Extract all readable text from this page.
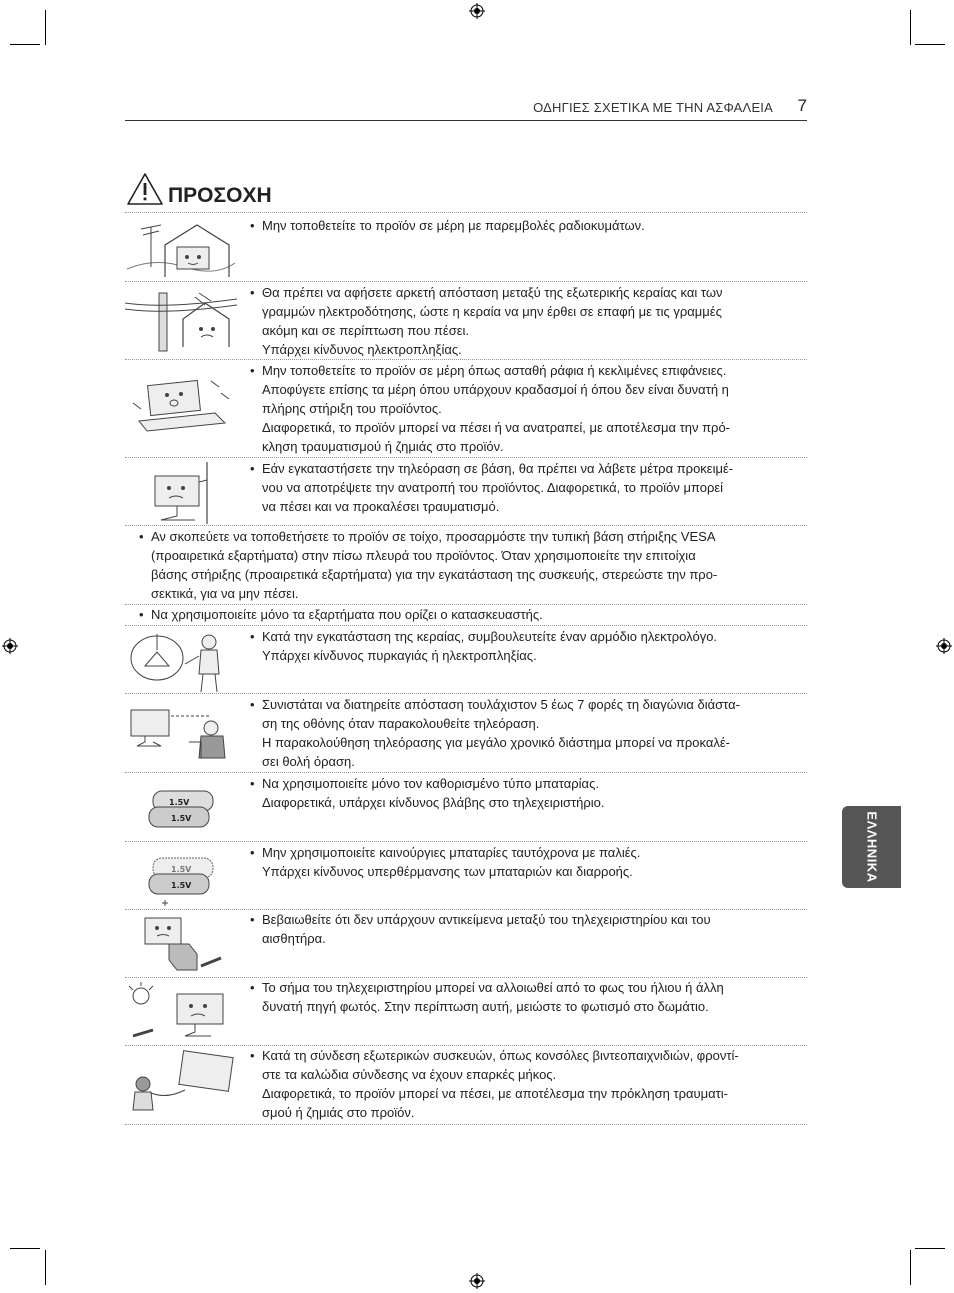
ΟΔΗΓΙΕΣ ΣΧΕΤΙΚΑ ΜΕ ΤΗΝ ΑΣΦΑΛΕΙΑ 7
ΠΡΟΣΟΧΗ
• Μην τοποθετείτε το προϊόν σε μέρη με παρεμβολές ραδιοκυμάτων.
• Θα πρέπει να αφήσετε αρκετή απόσταση μεταξύ της εξωτερικής κεραίας και των
γραμμών ηλεκτροδότησης, ώστε η κεραία να μην έρθει σε επαφή με τις γραμμές
ακόμη και σε περίπτωση που πέσει.
Υπάρχει κίνδυνος ηλεκτροπληξίας.
• Μην τοποθετείτε το προϊόν σε μέρη όπως ασταθή ράφια ή κεκλιμένες επιφάνειες.
Αποφύγετε επίσης τα μέρη όπου υπάρχουν κραδασμοί ή όπου δεν είναι δυνατή η
πλήρης στήριξη του προϊόντος.
Διαφορετικά, το προϊόν μπορεί να πέσει ή να ανατραπεί, με αποτέλεσμα την πρό-
κληση τραυματισμού ή ζημιάς στο προϊόν.
• Εάν εγκαταστήσετε την τηλεόραση σε βάση, θα πρέπει να λάβετε μέτρα προκειμέ-
νου να αποτρέψετε την ανατροπή του προϊόντος. Διαφορετικά, το προϊόν μπορεί
να πέσει και να προκαλέσει τραυματισμό.
• Αν σκοπεύετε να τοποθετήσετε το προϊόν σε τοίχο, προσαρμόστε την τυπική βάση στήριξης VESA
(προαιρετικά εξαρτήματα) στην πίσω πλευρά του προϊόντος. Όταν χρησιμοποιείτε την επιτοίχια
βάσης στήριξης (προαιρετικά εξαρτήματα) για την εγκατάσταση της συσκευής, στερεώστε την προ-
σεκτικά, για να μην πέσει.
• Να χρησιμοποιείτε μόνο τα εξαρτήματα που ορίζει ο κατασκευαστής.
• Κατά την εγκατάσταση της κεραίας, συμβουλευτείτε έναν αρμόδιο ηλεκτρολόγο.
Υπάρχει κίνδυνος πυρκαγιάς ή ηλεκτροπληξίας.
• Συνιστάται να διατηρείτε απόσταση τουλάχιστον 5 έως 7 φορές τη διαγώνια διάστα-
ση της οθόνης όταν παρακολουθείτε τηλεόραση.
Η παρακολούθηση τηλεόρασης για μεγάλο χρονικό διάστημα μπορεί να προκαλέ-
σει θολή όραση.
1.5V
1.5V
• Να χρησιμοποιείτε μόνο τον καθορισμένο τύπο μπαταρίας.
Διαφορετικά, υπάρχει κίνδυνος βλάβης στο τηλεχειριστήριο.
1.5V
1.5V
• Μην χρησιμοποιείτε καινούργιες μπαταρίες ταυτόχρονα με παλιές.
Υπάρχει κίνδυνος υπερθέρμανσης των μπαταριών και διαρροής.
• Βεβαιωθείτε ότι δεν υπάρχουν αντικείμενα μεταξύ του τηλεχειριστηρίου και του
αισθητήρα.
• Το σήμα του τηλεχειριστηρίου μπορεί να αλλοιωθεί από το φως του ήλιου ή άλλη
δυνατή πηγή φωτός. Στην περίπτωση αυτή, μειώστε το φωτισμό στο δωμάτιο.
• Κατά τη σύνδεση εξωτερικών συσκευών, όπως κονσόλες βιντεοπαιχνιδιών, φροντί-
στε τα καλώδια σύνδεσης να έχουν επαρκές μήκος.
Διαφορετικά, το προϊόν μπορεί να πέσει, με αποτέλεσμα την πρόκληση τραυματι-
σμού ή ζημιάς στο προϊόν.
ΕΛΛΗΝΙΚΑ
